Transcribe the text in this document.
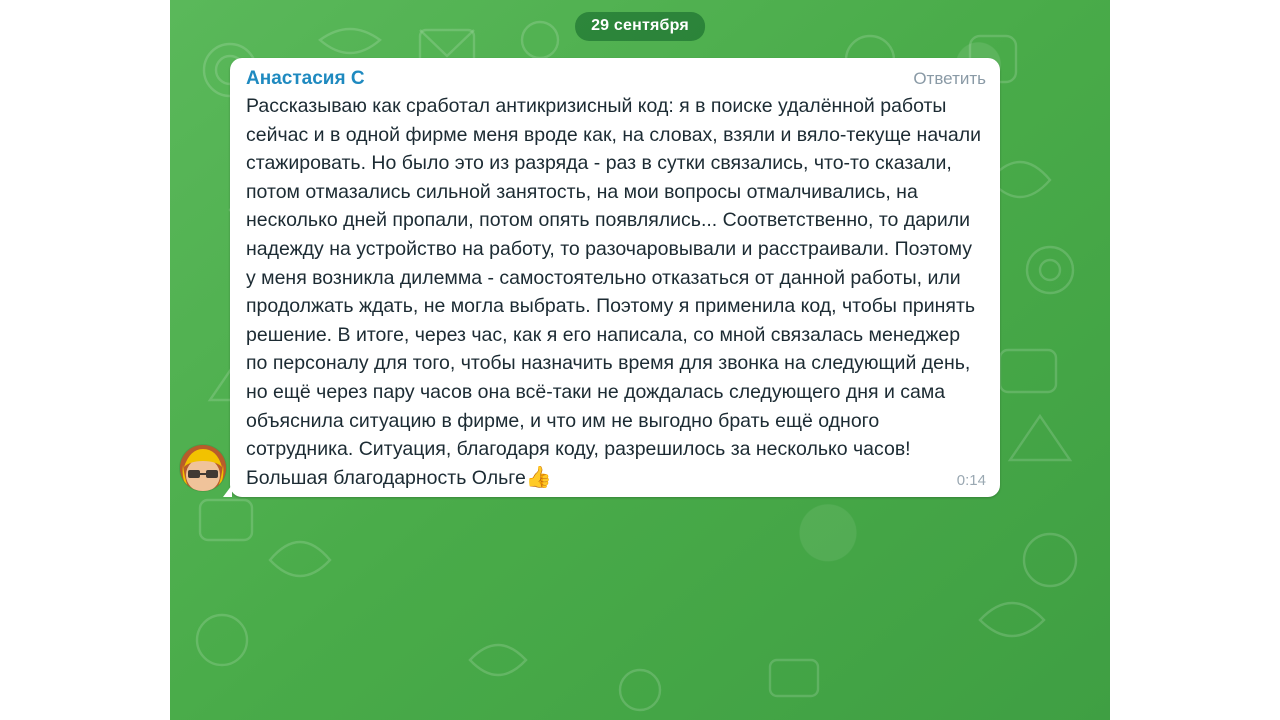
29 сентября
Анастасия С	Ответить
Рассказываю как сработал антикризисный код: я в поиске удалённой работы сейчас и в одной фирме меня вроде как, на словах, взяли и вяло-текуще начали стажировать. Но было это из разряда - раз в сутки связались, что-то сказали, потом отмазались сильной занятость, на мои вопросы отмалчивались, на несколько дней пропали, потом опять появлялись... Соответственно, то дарили надежду на устройство на работу, то разочаровывали и расстраивали. Поэтому у меня возникла дилемма - самостоятельно отказаться от данной работы, или продолжать ждать, не могла выбрать. Поэтому я применила код, чтобы принять решение. В итоге, через час, как я его написала, со мной связалась менеджер по персоналу для того, чтобы назначить время для звонка на следующий день, но ещё через пару часов она всё-таки не дождалась следующего дня и сама объяснила ситуацию в фирме, и что им не выгодно брать ещё одного сотрудника. Ситуация, благодаря коду, разрешилось за несколько часов! Большая благодарность Ольге👍	0:14
